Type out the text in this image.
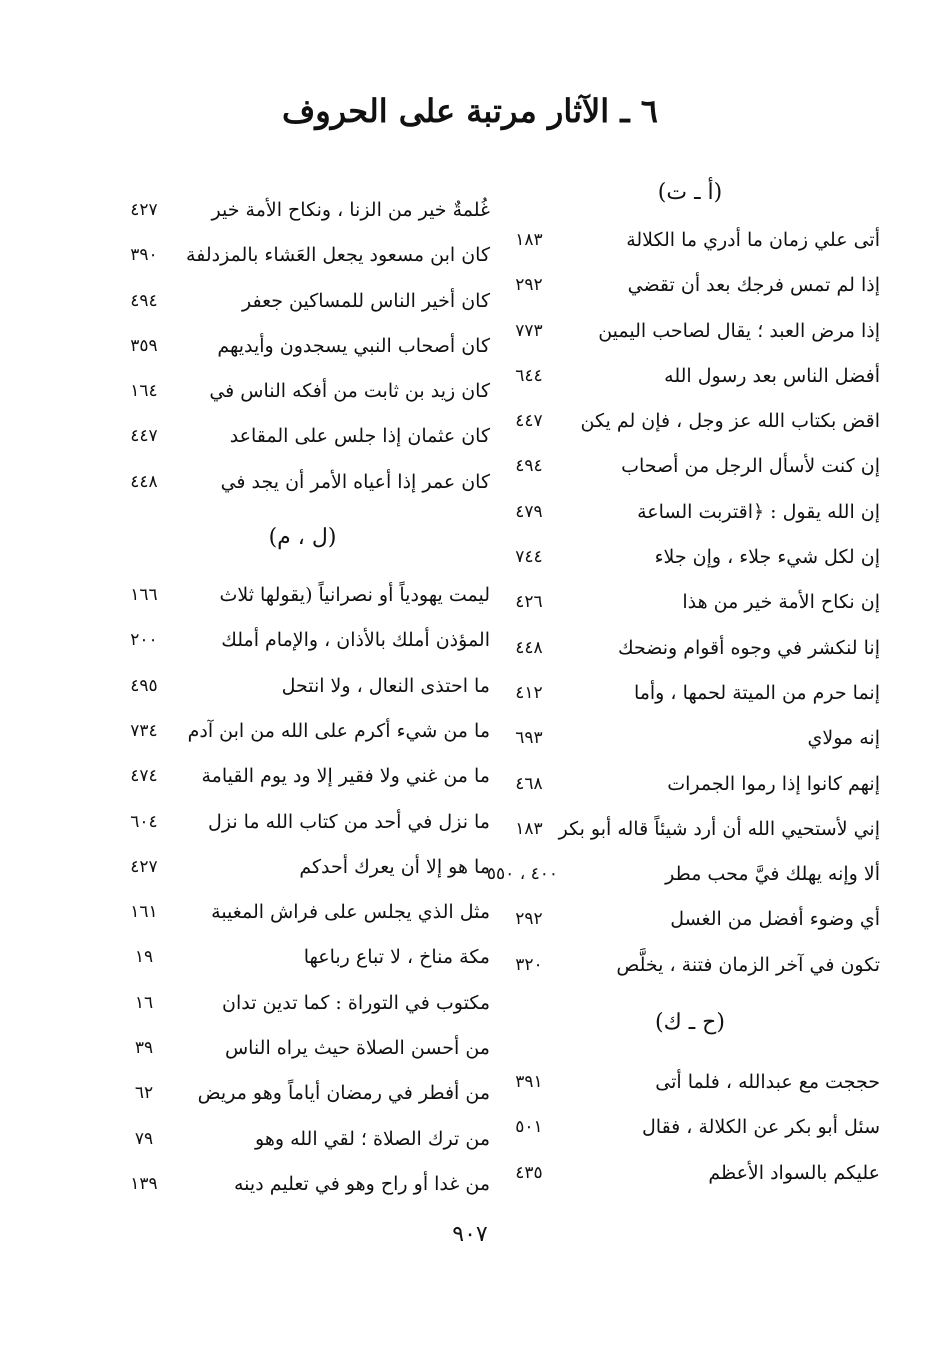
٦ ـ الآثار مرتبة على الحروف
(أ ـ ت)
أتى علي زمان ما أدري ما الكلالة
١٨٣
إذا لم تمس فرجك بعد أن تقضي
٢٩٢
إذا مرض العبد ؛ يقال لصاحب اليمين
٧٧٣
أفضل الناس بعد رسول الله
٦٤٤
اقض بكتاب الله عز وجل ، فإن لم يكن
٤٤٧
إن كنت لأسأل الرجل من أصحاب
٤٩٤
إن الله يقول : ﴿اقتربت الساعة
٤٧٩
إن لكل شيء جلاء ، وإن جلاء
٧٤٤
إن نكاح الأمة خير من هذا
٤٢٦
إنا لنكشر في وجوه أقوام ونضحك
٤٤٨
إنما حرم من الميتة لحمها ، وأما
٤١٢
إنه مولاي
٦٩٣
إنهم كانوا إذا رموا الجمرات
٤٦٨
إني لأستحيي الله أن أرد شيئاً قاله أبو بكر
١٨٣
ألا وإنه يهلك فيَّ محب مطر
٤٠٠ ، ٥٥٠
أي وضوء أفضل من الغسل
٢٩٢
تكون في آخر الزمان فتنة ، يخلَّص
٣٢٠
(ح ـ ك)
حججت مع عبدالله ، فلما أتى
٣٩١
سئل أبو بكر عن الكلالة ، فقال
٥٠١
عليكم بالسواد الأعظم
٤٣٥
غُلمةٌ خير من الزنا ، ونكاح الأمة خير
٤٢٧
كان ابن مسعود يجعل العَشاء بالمزدلفة
٣٩٠
كان أخير الناس للمساكين جعفر
٤٩٤
كان أصحاب النبي يسجدون وأيديهم
٣٥٩
كان زيد بن ثابت من أفكه الناس في
١٦٤
كان عثمان إذا جلس على المقاعد
٤٤٧
كان عمر إذا أعياه الأمر أن يجد في
٤٤٨
(ل ، م)
ليمت يهودياً أو نصرانياً (يقولها ثلاث
١٦٦
المؤذن أملك بالأذان ، والإمام أملك
٢٠٠
ما احتذى النعال ، ولا انتحل
٤٩٥
ما من شيء أكرم على الله من ابن آدم
٧٣٤
ما من غني ولا فقير إلا ود يوم القيامة
٤٧٤
ما نزل في أحد من كتاب الله ما نزل
٦٠٤
ما هو إلا أن يعرك أحدكم
٤٢٧
مثل الذي يجلس على فراش المغيبة
١٦١
مكة مناخ ، لا تباع رباعها
١٩
مكتوب في التوراة : كما تدين تدان
١٦
من أحسن الصلاة حيث يراه الناس
٣٩
من أفطر في رمضان أياماً وهو مريض
٦٢
من ترك الصلاة ؛ لقي الله وهو
٧٩
من غدا أو راح وهو في تعليم دينه
١٣٩
٩٠٧
